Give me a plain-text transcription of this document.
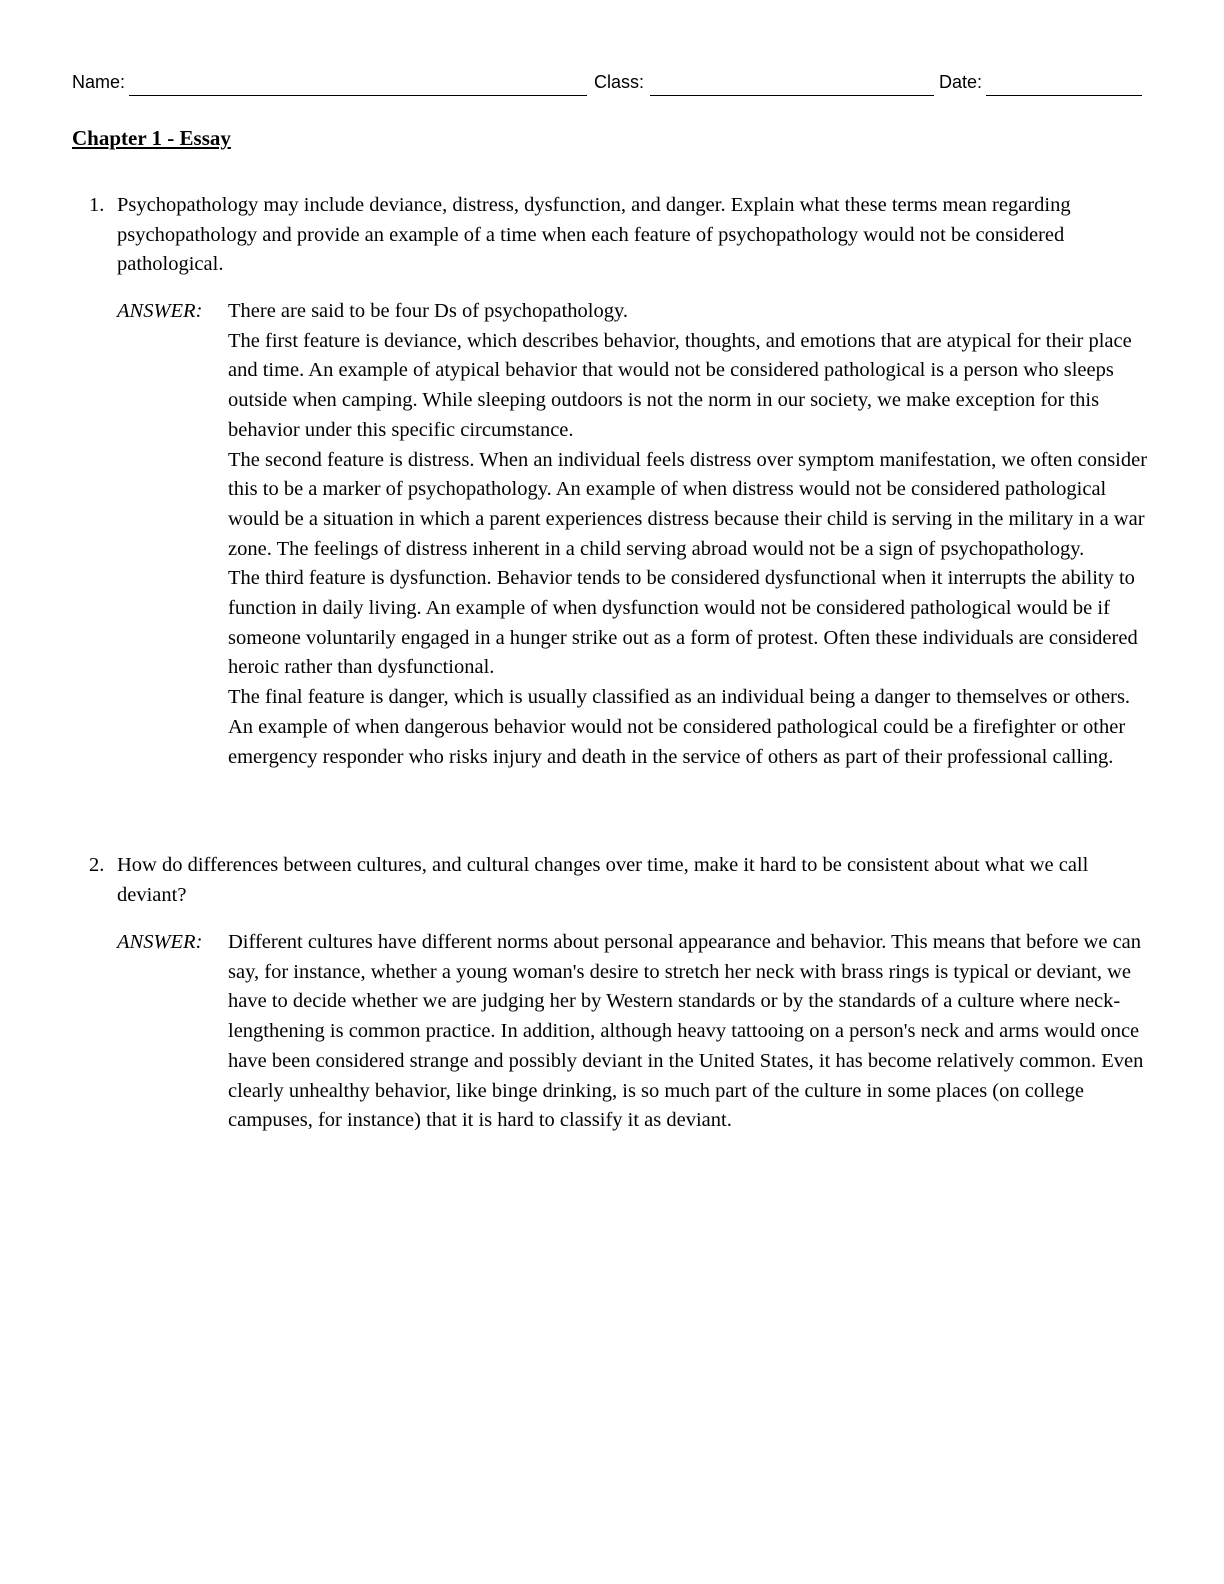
Name:	Class:	Date:
Chapter 1 - Essay
1. Psychopathology may include deviance, distress, dysfunction, and danger. Explain what these terms mean regarding psychopathology and provide an example of a time when each feature of psychopathology would not be considered pathological.
ANSWER: There are said to be four Ds of psychopathology.

The first feature is deviance, which describes behavior, thoughts, and emotions that are atypical for their place and time. An example of atypical behavior that would not be considered pathological is a person who sleeps outside when camping. While sleeping outdoors is not the norm in our society, we make exception for this behavior under this specific circumstance.

The second feature is distress. When an individual feels distress over symptom manifestation, we often consider this to be a marker of psychopathology. An example of when distress would not be considered pathological would be a situation in which a parent experiences distress because their child is serving in the military in a war zone. The feelings of distress inherent in a child serving abroad would not be a sign of psychopathology.

The third feature is dysfunction. Behavior tends to be considered dysfunctional when it interrupts the ability to function in daily living. An example of when dysfunction would not be considered pathological would be if someone voluntarily engaged in a hunger strike out as a form of protest. Often these individuals are considered heroic rather than dysfunctional.

The final feature is danger, which is usually classified as an individual being a danger to themselves or others. An example of when dangerous behavior would not be considered pathological could be a firefighter or other emergency responder who risks injury and death in the service of others as part of their professional calling.

2. How do differences between cultures, and cultural changes over time, make it hard to be consistent about what we call deviant?
ANSWER: Different cultures have different norms about personal appearance and behavior. This means that before we can say, for instance, whether a young woman's desire to stretch her neck with brass rings is typical or deviant, we have to decide whether we are judging her by Western standards or by the standards of a culture where neck-lengthening is common practice. In addition, although heavy tattooing on a person's neck and arms would once have been considered strange and possibly deviant in the United States, it has become relatively common. Even clearly unhealthy behavior, like binge drinking, is so much part of the culture in some places (on college campuses, for instance) that it is hard to classify it as deviant.
